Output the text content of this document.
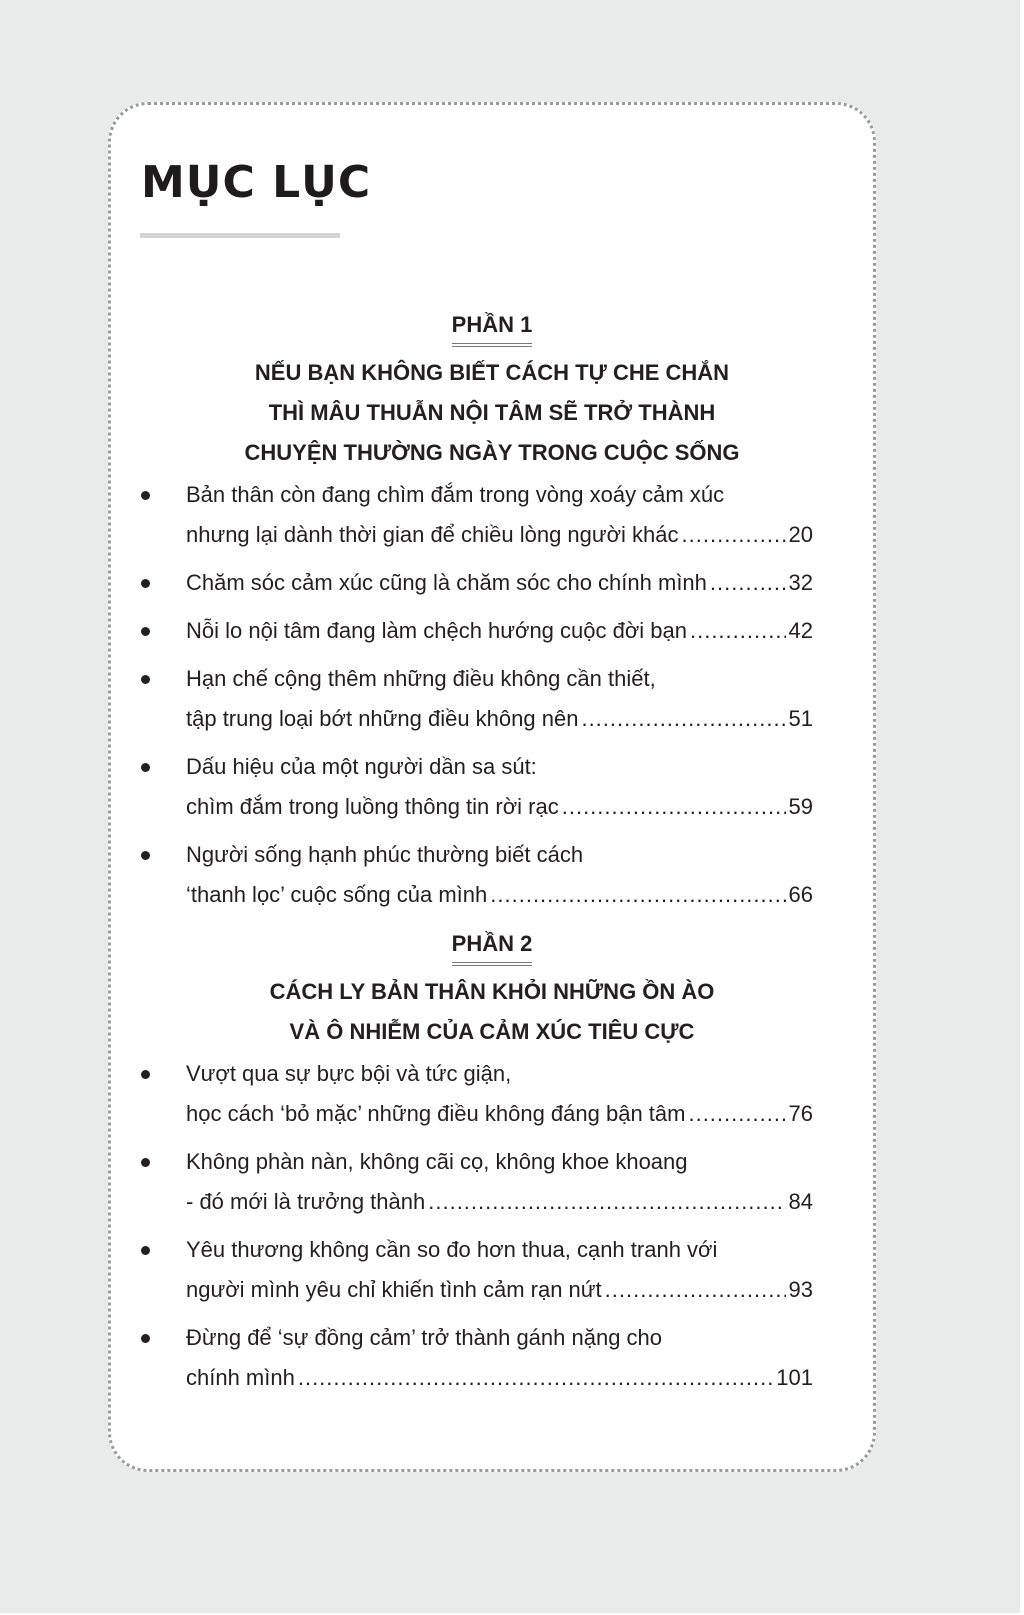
MỤC LỤC
PHẦN 1
NẾU BẠN KHÔNG BIẾT CÁCH TỰ CHE CHẮN
THÌ MÂU THUẪN NỘI TÂM SẼ TRỞ THÀNH
CHUYỆN THƯỜNG NGÀY TRONG CUỘC SỐNG
Bản thân còn đang chìm đắm trong vòng xoáy cảm xúc
nhưng lại dành thời gian để chiều lòng người khác .....	20
Chăm sóc cảm xúc cũng là chăm sóc cho chính mình .....	32
Nỗi lo nội tâm đang làm chệch hướng cuộc đời bạn .....	42
Hạn chế cộng thêm những điều không cần thiết,
tập trung loại bớt những điều không nên .....	51
Dấu hiệu của một người dần sa sút:
chìm đắm trong luồng thông tin rời rạc .....	59
Người sống hạnh phúc thường biết cách
‘thanh lọc’ cuộc sống của mình .....	66
PHẦN 2
CÁCH LY BẢN THÂN KHỎI NHỮNG ỒN ÀO
VÀ Ô NHIỄM CỦA CẢM XÚC TIÊU CỰC
Vượt qua sự bực bội và tức giận,
học cách ‘bỏ mặc’ những điều không đáng bận tâm .....	76
Không phàn nàn, không cãi cọ, không khoe khoang
- đó mới là trưởng thành .....	84
Yêu thương không cần so đo hơn thua, cạnh tranh với
người mình yêu chỉ khiến tình cảm rạn nứt .....	93
Đừng để ‘sự đồng cảm’ trở thành gánh nặng cho
chính mình .....	101
